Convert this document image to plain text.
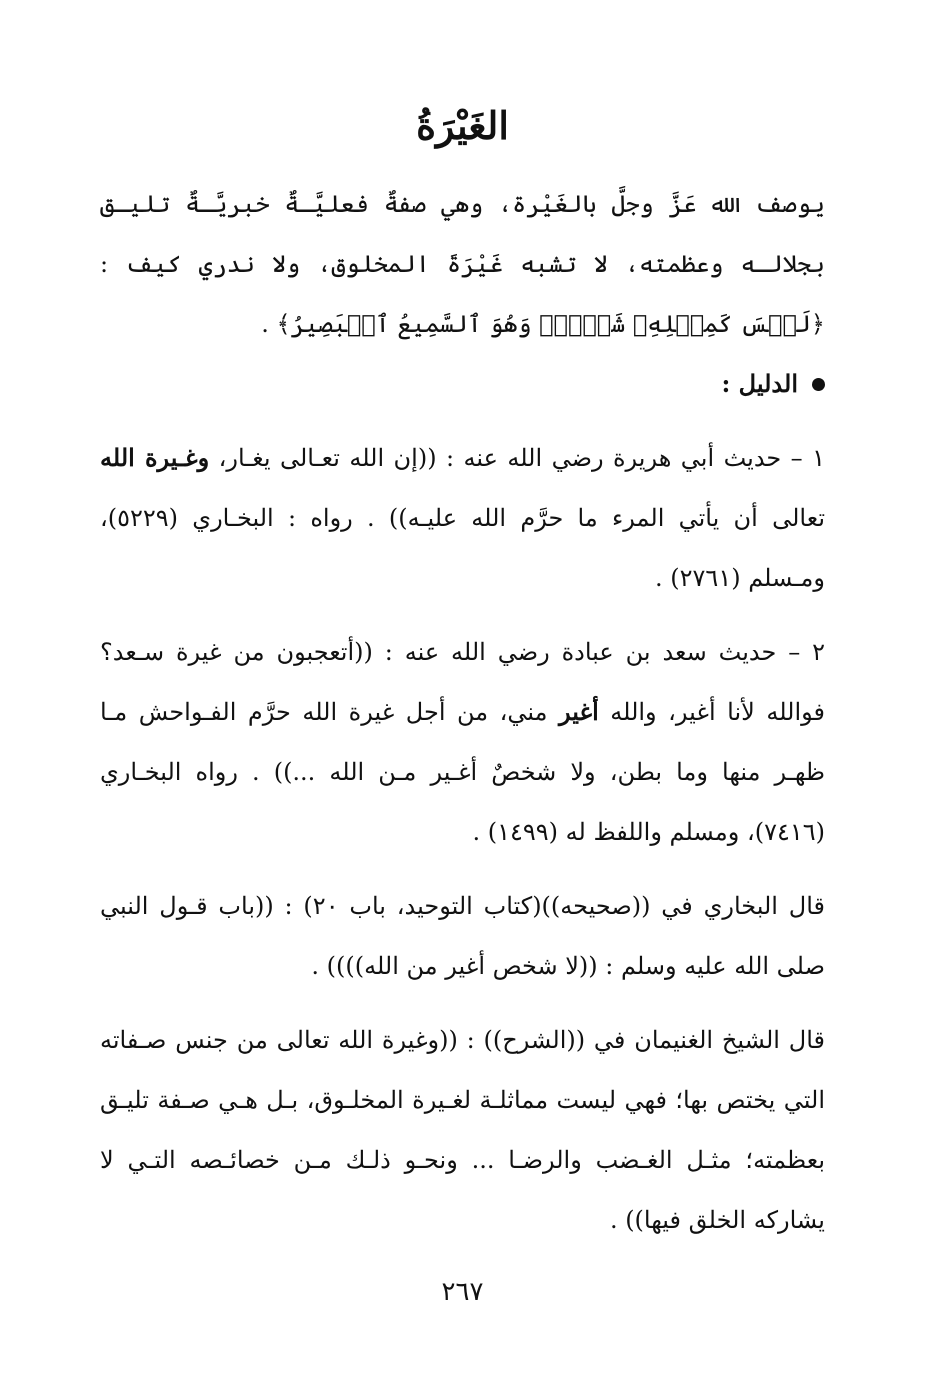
الغَيْرَةُ

يوصف الله عَزَّ وجلَّ بالغَيْرة، وهي صفةٌ فعليَّـةٌ خبريَّـةٌ تليـق بجلالـه وعظمته، لا تشبه غَيْرَةَ المخلوق، ولا ندري كيف : ﴿لَيۡسَ كَمِثۡلِهِۦ شَيۡءٞۖ وَهُوَ ٱلسَّمِيعُ ٱلۡبَصِيرُ﴾ .

الدليل :

١ – حديث أبي هريرة رضي الله عنه : ((إن الله تعـالى يغـار، وغـيرة الله تعالى أن يأتي المرء ما حرَّم الله عليـه)) . رواه : البخـاري (٥٢٢٩)، ومـسلم (٢٧٦١) .

٢ – حديث سعد بن عبادة رضي الله عنه : ((أتعجبون من غيرة سـعد؟ فوالله لأنا أغير، والله أغير مني، من أجل غيرة الله حرَّم الفـواحش مـا ظهـر منها وما بطن، ولا شخصٌ أغـير مـن الله ...)) . رواه البخـاري (٧٤١٦)، ومسلم واللفظ له (١٤٩٩) .

قال البخاري في ((صحيحه))(كتاب التوحيد، باب ٢٠) : ((باب قـول النبي صلى الله عليه وسلم : ((لا شخص أغير من الله)))) .

قال الشيخ الغنيمان في ((الشرح)) : ((وغيرة الله تعالى من جنس صـفاته التي يختص بها؛ فهي ليست مماثلـة لغـيرة المخلـوق، بـل هـي صـفة تليـق بعظمته؛ مثـل الغـضب والرضـا ... ونحـو ذلـك مـن خصائـصه التـي لا يشاركه الخلق فيها)) .

٢٦٧
